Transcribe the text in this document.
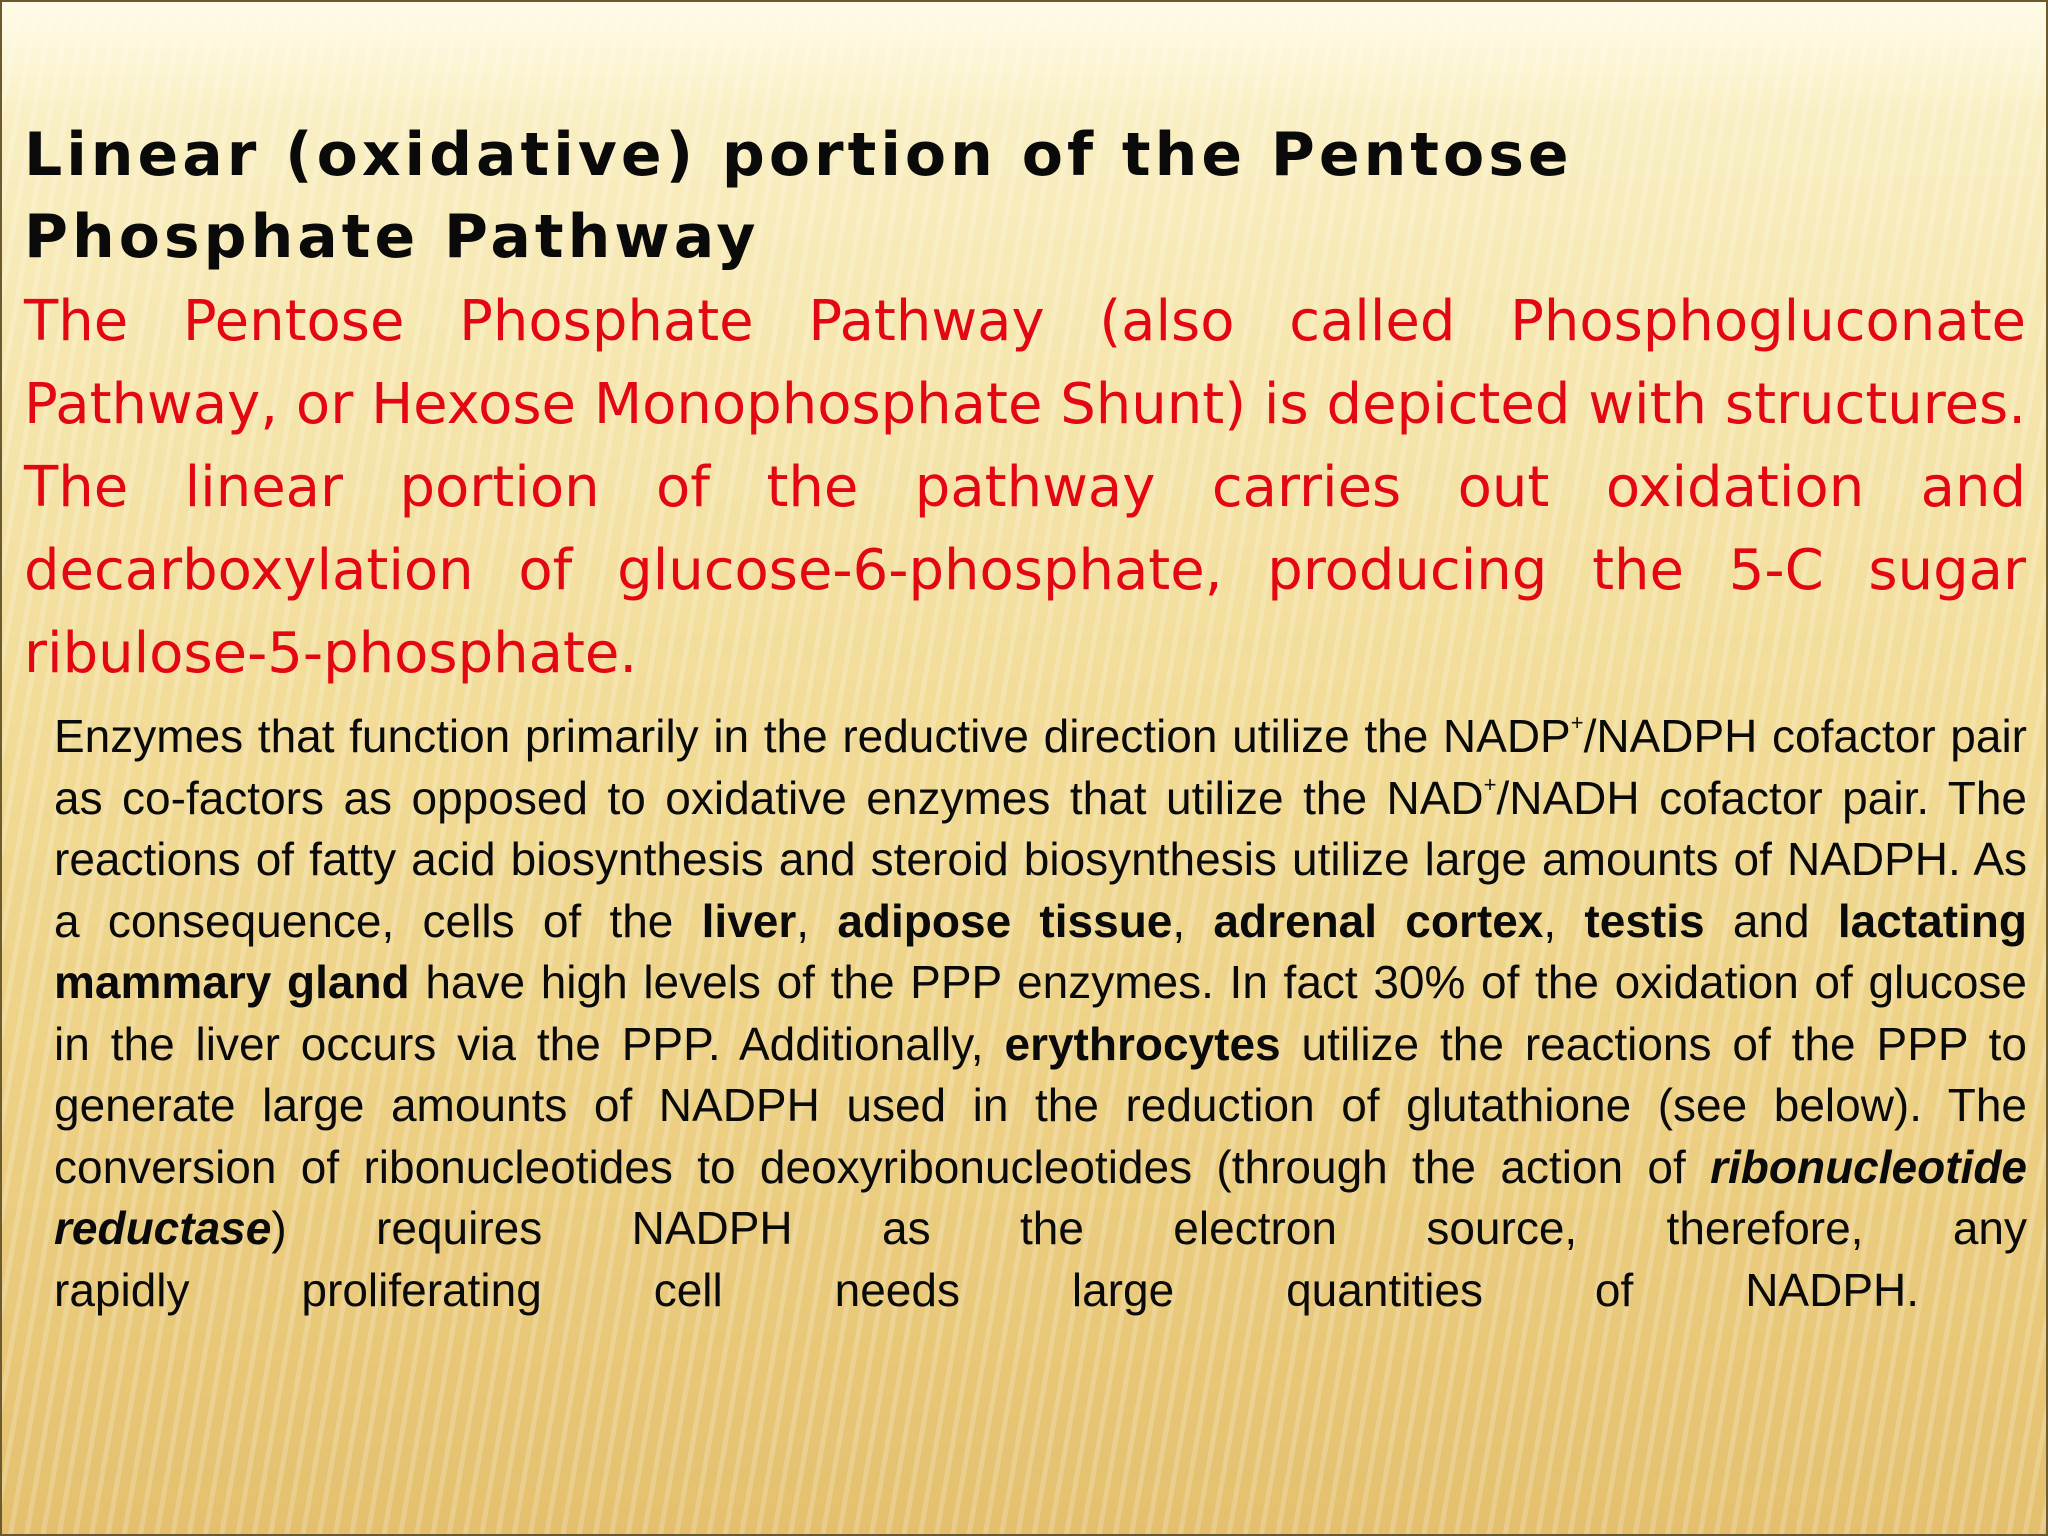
Linear (oxidative) portion of the Pentose Phosphate Pathway

The Pentose Phosphate Pathway (also called Phosphogluconate Pathway, or Hexose Monophosphate Shunt) is depicted with structures. The linear portion of the pathway carries out oxidation and decarboxylation of glucose-6-phosphate, producing the 5-C sugar ribulose-5-phosphate.

Enzymes that function primarily in the reductive direction utilize the NADP+/NADPH cofactor pair as co-factors as opposed to oxidative enzymes that utilize the NAD+/NADH cofactor pair. The reactions of fatty acid biosynthesis and steroid biosynthesis utilize large amounts of NADPH. As a consequence, cells of the liver, adipose tissue, adrenal cortex, testis and lactating mammary gland have high levels of the PPP enzymes. In fact 30% of the oxidation of glucose in the liver occurs via the PPP. Additionally, erythrocytes utilize the reactions of the PPP to generate large amounts of NADPH used in the reduction of glutathione (see below). The conversion of ribonucleotides to deoxyribonucleotides (through the action of ribonucleotide reductase) requires NADPH as the electron source, therefore, any
rapidly proliferating cell needs large quantities of NADPH.
